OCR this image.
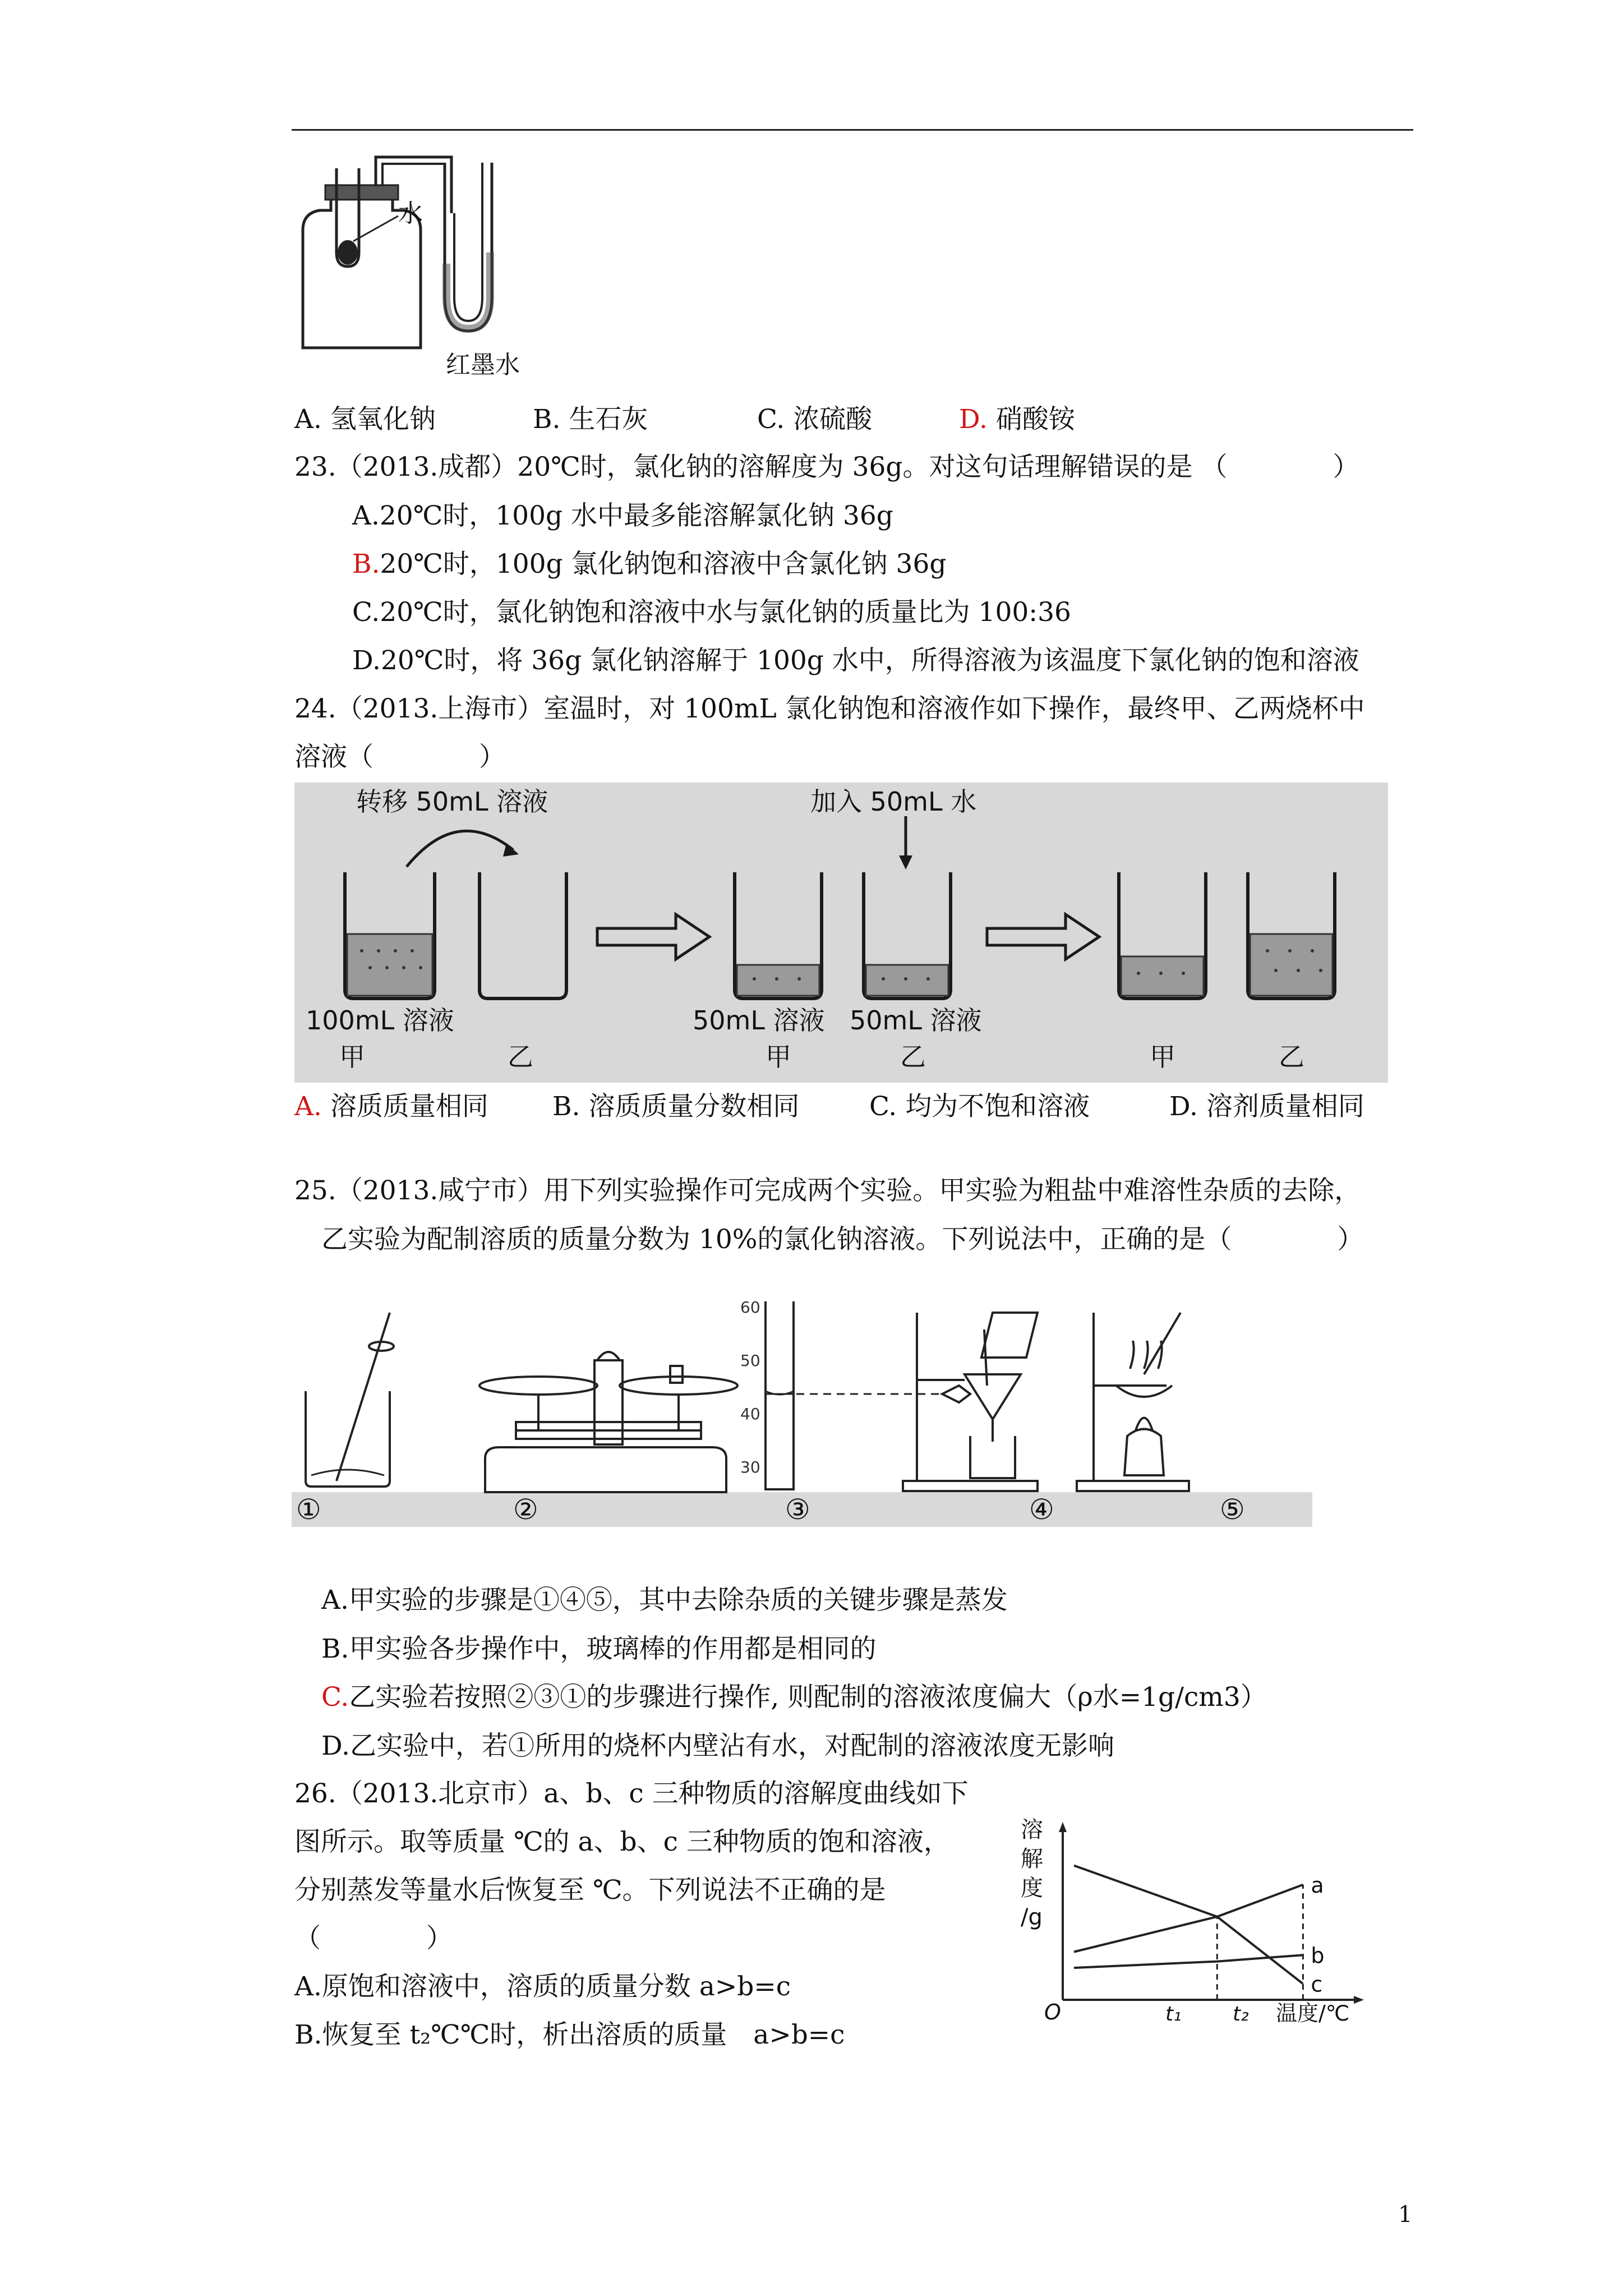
水
红墨水
A. 氢氧化钠	B. 生石灰	C. 浓硫酸	D. 硝酸铵
23.（2013.成都）20℃时，氯化钠的溶解度为 36g。对这句话理解错误的是 （　　　　）
A.20℃时，100g 水中最多能溶解氯化钠 36g
B.20℃时，100g 氯化钠饱和溶液中含氯化钠 36g
C.20℃时，氯化钠饱和溶液中水与氯化钠的质量比为 100:36
D.20℃时，将 36g 氯化钠溶解于 100g 水中，所得溶液为该温度下氯化钠的饱和溶液
24.（2013.上海市）室温时，对 100mL 氯化钠饱和溶液作如下操作，最终甲、乙两烧杯中
溶液（　　　　）
转移 50mL 溶液	加入 50mL 水
100mL 溶液	50mL 溶液 50mL 溶液
甲	乙	甲	乙	甲	乙
A. 溶质质量相同 B. 溶质质量分数相同	C. 均为不饱和溶液	D. 溶剂质量相同
25.（2013.咸宁市）用下列实验操作可完成两个实验。甲实验为粗盐中难溶性杂质的去除，
乙实验为配制溶质的质量分数为 10%的氯化钠溶液。下列说法中，正确的是（　　　　）
60
50
40
30
①	②	③	④	⑤
A.甲实验的步骤是①④⑤，其中去除杂质的关键步骤是蒸发
B.甲实验各步操作中，玻璃棒的作用都是相同的
C.乙实验若按照②③①的步骤进行操作, 则配制的溶液浓度偏大（ρ水=1g/cm3）
D.乙实验中，若①所用的烧杯内壁沾有水，对配制的溶液浓度无影响
26.（2013.北京市）a、b、c 三种物质的溶解度曲线如下
图所示。取等质量 ℃的 a、b、c 三种物质的饱和溶液，
分别蒸发等量水后恢复至 ℃。下列说法不正确的是
（　　　　）
A.原饱和溶液中，溶质的质量分数 a>b=c
B.恢复至 t₂℃℃时，析出溶质的质量　a>b=c
a
b
c
溶
解
度
/g
O	t₁	t₂ 温度/℃
1
